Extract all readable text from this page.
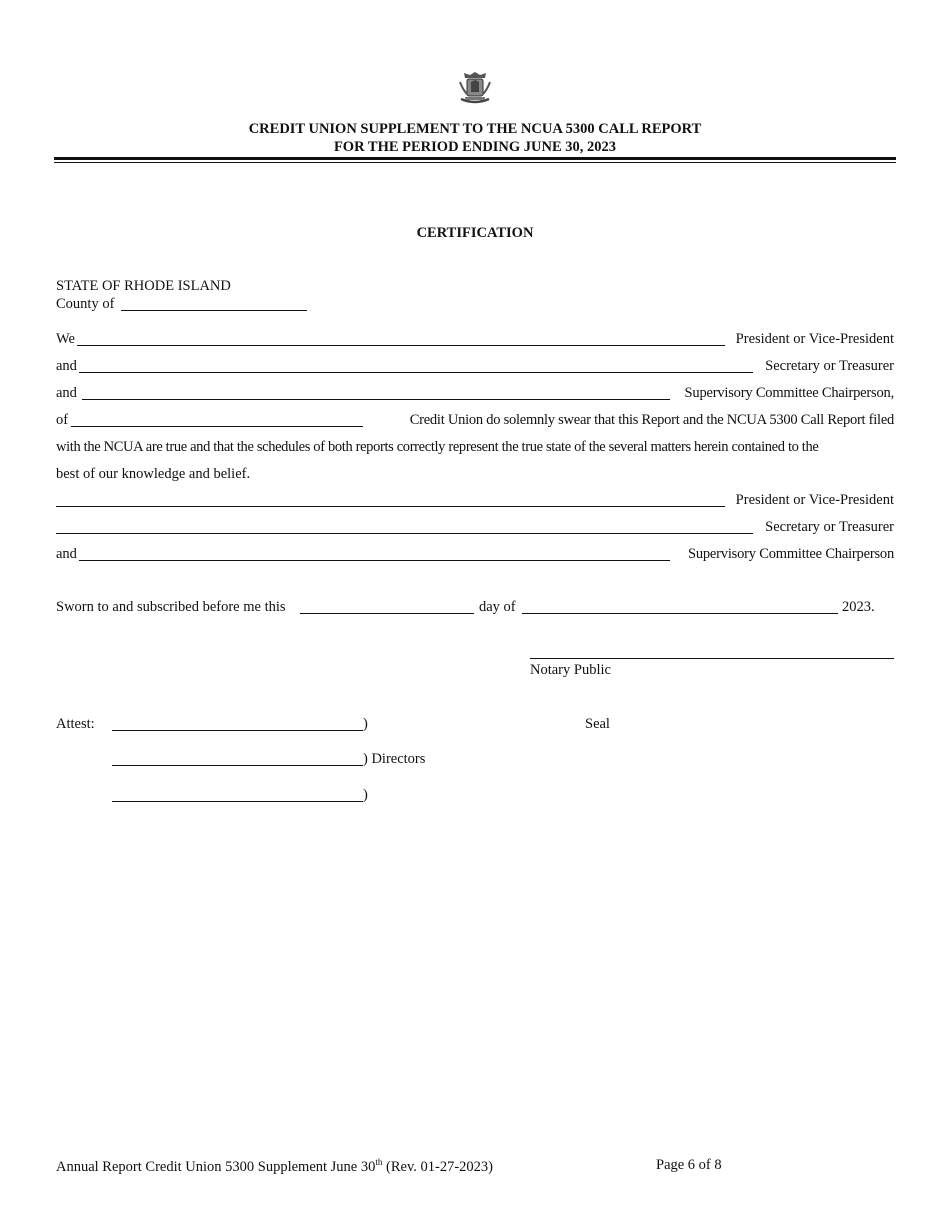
CREDIT UNION SUPPLEMENT TO THE NCUA 5300 CALL REPORT
FOR THE PERIOD ENDING JUNE 30, 2023
CERTIFICATION
STATE OF RHODE ISLAND
County of
We	President or Vice-President
and	Secretary or Treasurer
and	Supervisory Committee Chairperson,
of	Credit Union do solemnly swear that this Report and the NCUA 5300 Call Report filed
with the NCUA are true and that the schedules of both reports correctly represent the true state of the several matters herein contained to the
best of our knowledge and belief.
President or Vice-President
Secretary or Treasurer
and	Supervisory Committee Chairperson
Sworn to and subscribed before me this	day of	2023.
Notary Public
Attest:	)	Seal
) Directors
)
Annual Report Credit Union 5300 Supplement June 30th (Rev. 01-27-2023)	Page 6 of 8
